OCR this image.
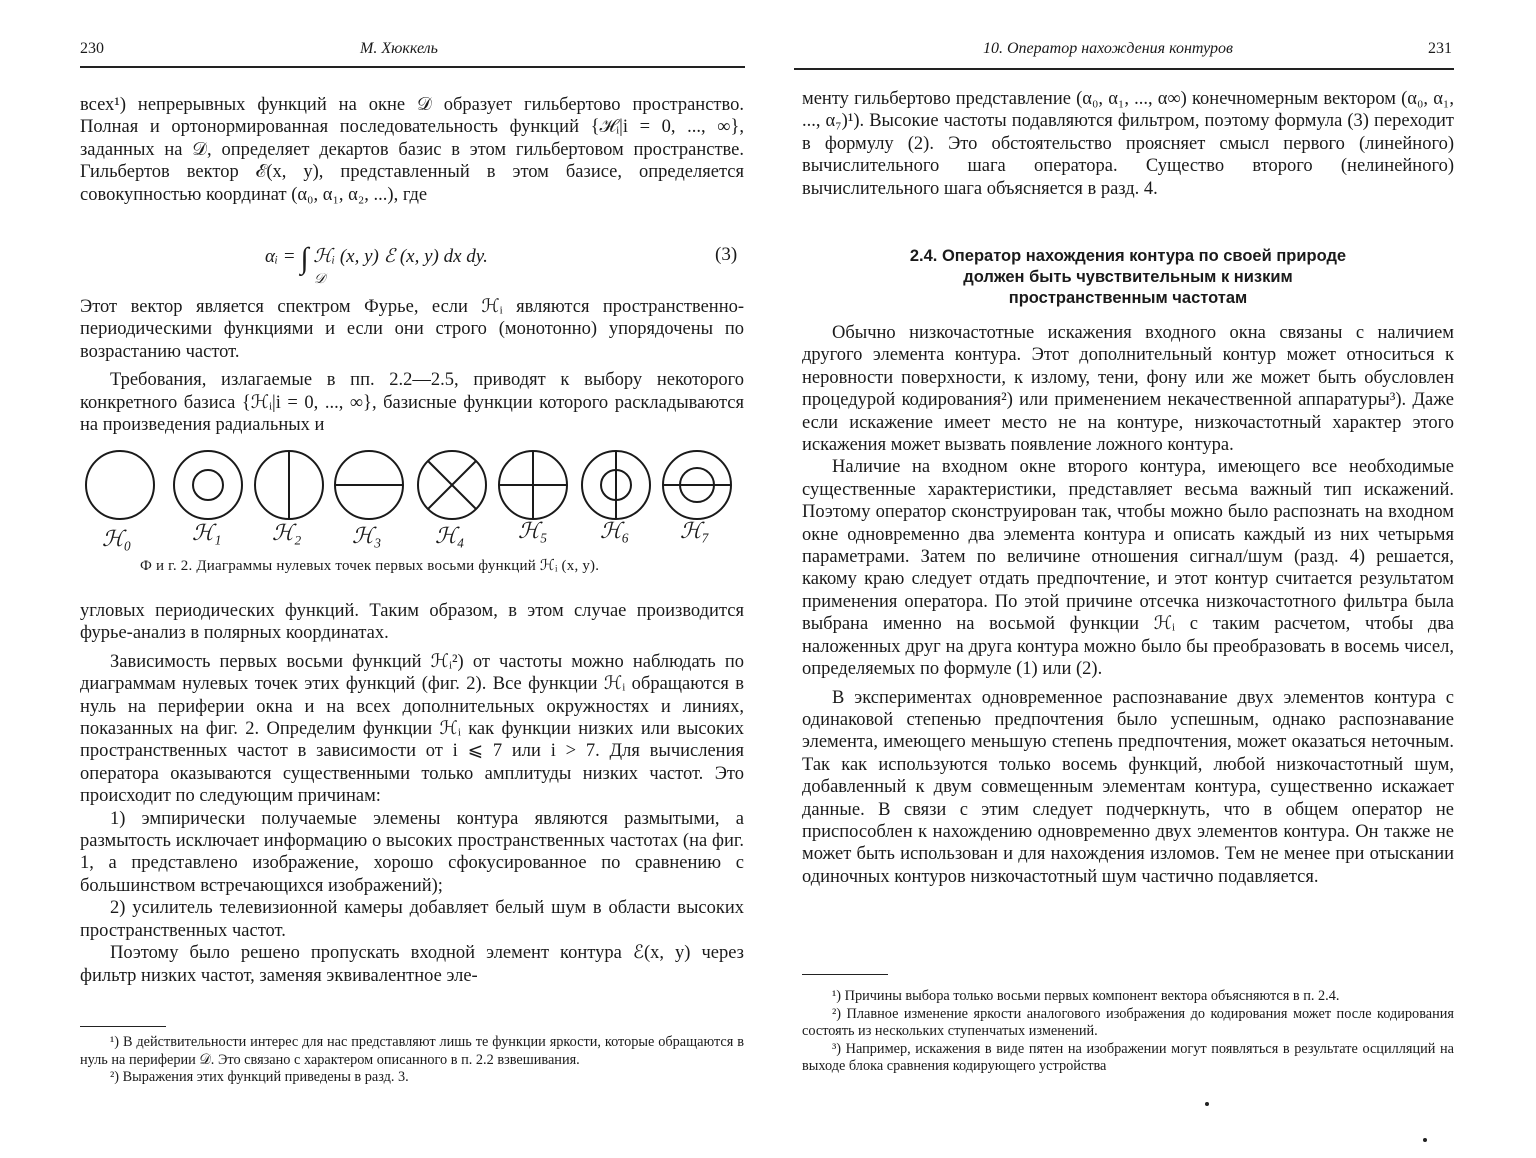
230	М. Хюккель

всех¹) непрерывных функций на окне 𝒟 образует гильбертово пространство. Полная и ортонормированная последовательность функций {ℋᵢ|i = 0, ..., ∞}, заданных на 𝒟, определяет декартов базис в этом гильбертовом пространстве. Гильбертов вектор ℰ(x, y), представленный в этом базисе, определяется совокупностью координат (α₀, α₁, α₂, ...), где

αᵢ = ∫ ℋᵢ (x, y) ℰ (x, y) dx dy.
𝒟
(3)

Этот вектор является спектром Фурье, если ℋᵢ являются пространственно-периодическими функциями и если они строго (монотонно) упорядочены по возрастанию частот.

Требования, излагаемые в пп. 2.2—2.5, приводят к выбору некоторого конкретного базиса {ℋᵢ|i = 0, ..., ∞}, базисные функции которого раскладываются на произведения радиальных и

ℋ₀	ℋ₁ ℋ₂ ℋ₃ ℋ₄ ℋ₅ ℋ₆ ℋ₇
Ф и г. 2. Диаграммы нулевых точек первых восьми функций ℋᵢ (x, y).

угловых периодических функций. Таким образом, в этом случае производится фурье-анализ в полярных координатах.

Зависимость первых восьми функций ℋᵢ²) от частоты можно наблюдать по диаграммам нулевых точек этих функций (фиг. 2). Все функции ℋᵢ обращаются в нуль на периферии окна и на всех дополнительных окружностях и линиях, показанных на фиг. 2. Определим функции ℋᵢ как функции низких или высоких пространственных частот в зависимости от i ⩽ 7 или i > 7. Для вычисления оператора оказываются существенными только амплитуды низких частот. Это происходит по следующим причинам:

1) эмпирически получаемые элемены контура являются размытыми, а размытость исключает информацию о высоких пространственных частотах (на фиг. 1, a представлено изображение, хорошо сфокусированное по сравнению с большинством встречающихся изображений);

2) усилитель телевизионной камеры добавляет белый шум в области высоких пространственных частот.

Поэтому было решено пропускать входной элемент контура ℰ(x, y) через фильтр низких частот, заменяя эквивалентное эле-

¹) В действительности интерес для нас представляют лишь те функции яркости, которые обращаются в нуль на периферии 𝒟. Это связано с характером описанного в п. 2.2 взвешивания.

²) Выражения этих функций приведены в разд. 3.

10. Оператор нахождения контуров	231

менту гильбертово представление (α₀, α₁, ..., α∞) конечномерным вектором (α₀, α₁, ..., α₇)¹). Высокие частоты подавляются фильтром, поэтому формула (3) переходит в формулу (2). Это обстоятельство проясняет смысл первого (линейного) вычислительного шага оператора. Существо второго (нелинейного) вычислительного шага объясняется в разд. 4.

2.4. Оператор нахождения контура по своей природе
должен быть чувствительным к низким
пространственным частотам

Обычно низкочастотные искажения входного окна связаны с наличием другого элемента контура. Этот дополнительный контур может относиться к неровности поверхности, к излому, тени, фону или же может быть обусловлен процедурой кодирования²) или применением некачественной аппаратуры³). Даже если искажение имеет место не на контуре, низкочастотный характер этого искажения может вызвать появление ложного контура.

Наличие на входном окне второго контура, имеющего все необходимые существенные характеристики, представляет весьма важный тип искажений. Поэтому оператор сконструирован так, чтобы можно было распознать на входном окне одновременно два элемента контура и описать каждый из них четырьмя параметрами. Затем по величине отношения сигнал/шум (разд. 4) решается, какому краю следует отдать предпочтение, и этот контур считается результатом применения оператора. По этой причине отсечка низкочастотного фильтра была выбрана именно на восьмой функции ℋᵢ с таким расчетом, чтобы два наложенных друг на друга контура можно было бы преобразовать в восемь чисел, определяемых по формуле (1) или (2).

В экспериментах одновременное распознавание двух элементов контура с одинаковой степенью предпочтения было успешным, однако распознавание элемента, имеющего меньшую степень предпочтения, может оказаться неточным. Так как используются только восемь функций, любой низкочастотный шум, добавленный к двум совмещенным элементам контура, существенно искажает данные. В связи с этим следует подчеркнуть, что в общем оператор не приспособлен к нахождению одновременно двух элементов контура. Он также не может быть использован и для нахождения изломов. Тем не менее при отыскании одиночных контуров низкочастотный шум частично подавляется.

¹) Причины выбора только восьми первых компонент вектора объясняются в п. 2.4.

²) Плавное изменение яркости аналогового изображения до кодирования может после кодирования состоять из нескольких ступенчатых изменений.

³) Например, искажения в виде пятен на изображении могут появляться в результате осцилляций на выходе блока сравнения кодирующего устройства
